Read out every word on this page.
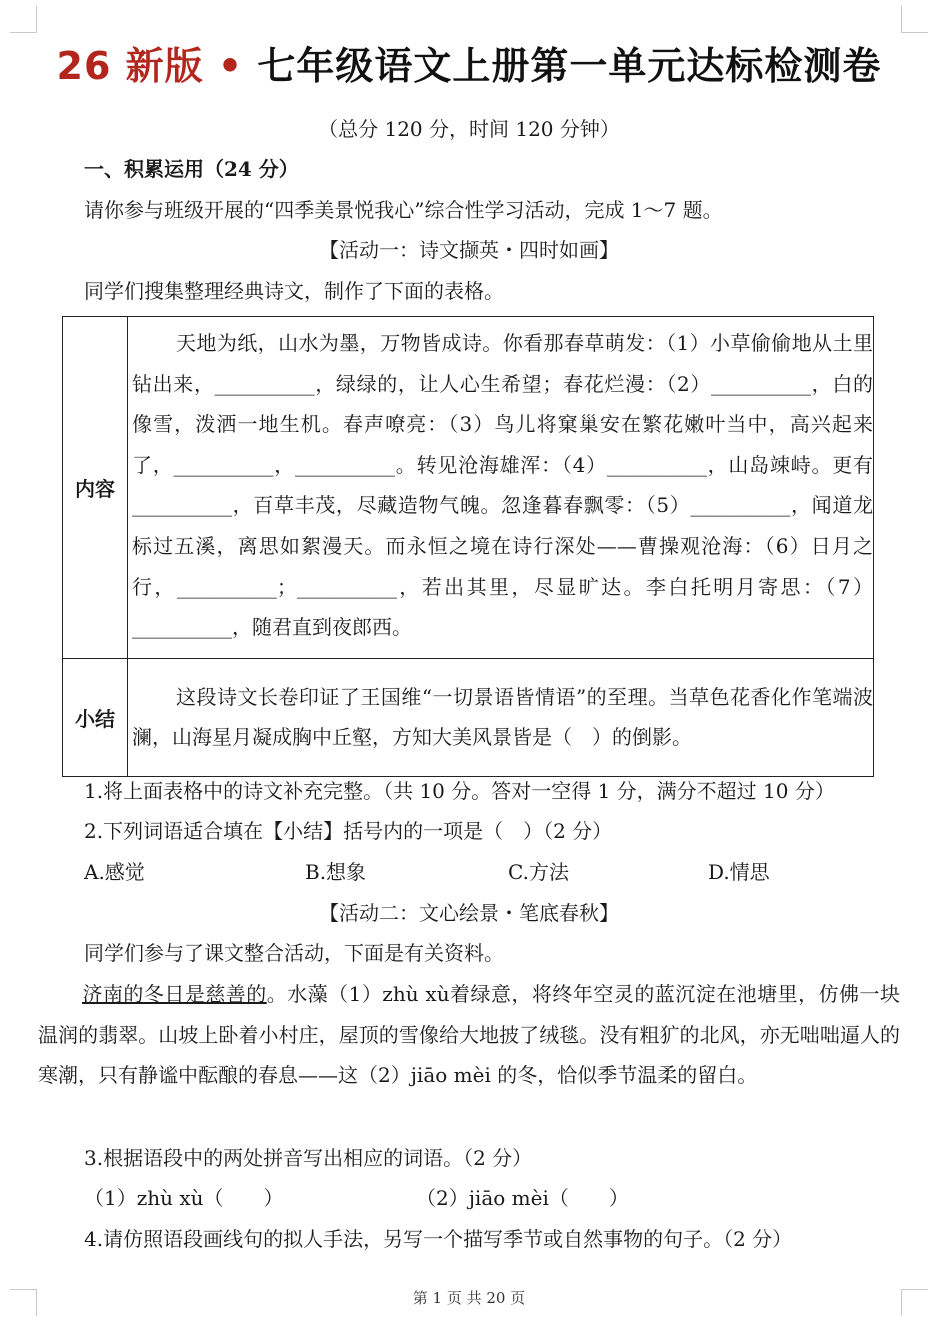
26 新版 • 七年级语文上册第一单元达标检测卷
（总分 120 分，时间 120 分钟）
一、积累运用（24 分）
请你参与班级开展的“四季美景悦我心”综合性学习活动，完成 1～7 题。
【活动一：诗文撷英・四时如画】
同学们搜集整理经典诗文，制作了下面的表格。
内容	天地为纸，山水为墨，万物皆成诗。你看那春草萌发：（1）小草偷偷地从土里钻出来，__________，绿绿的，让人心生希望；春花烂漫：（2）__________，白的像雪，泼洒一地生机。春声嘹亮：（3）鸟儿将窠巢安在繁花嫩叶当中，高兴起来了，__________，__________。转见沧海雄浑：（4）__________，山岛竦峙。更有__________，百草丰茂，尽藏造物气魄。忽逢暮春飘零：（5）__________，闻道龙标过五溪，离思如絮漫天。而永恒之境在诗行深处——曹操观沧海：（6）日月之行，__________；__________，若出其里，尽显旷达。李白托明月寄思：（7）__________，随君直到夜郎西。

小结	这段诗文长卷印证了王国维“一切景语皆情语”的至理。当草色花香化作笔端波澜，山海星月凝成胸中丘壑，方知大美风景皆是（　）的倒影。

1.将上面表格中的诗文补充完整。（共 10 分。答对一空得 1 分，满分不超过 10 分）
2.下列词语适合填在【小结】括号内的一项是（　）（2 分）
A.感觉	B.想象	C.方法	D.情思
【活动二：文心绘景・笔底春秋】
同学们参与了课文整合活动，下面是有关资料。

济南的冬日是慈善的。水藻（1）zhù xù着绿意，将终年空灵的蓝沉淀在池塘里，仿佛一块温润的翡翠。山坡上卧着小村庄，屋顶的雪像给大地披了绒毯。没有粗犷的北风，亦无咄咄逼人的寒潮，只有静谧中酝酿的春息——这（2）jiāo mèi 的冬，恰似季节温柔的留白。

3.根据语段中的两处拼音写出相应的词语。（2 分）
（1）zhù xù（　　）	（2）jiāo mèi（　　）
4.请仿照语段画线句的拟人手法，另写一个描写季节或自然事物的句子。（2 分）
第 1 页 共 20 页
